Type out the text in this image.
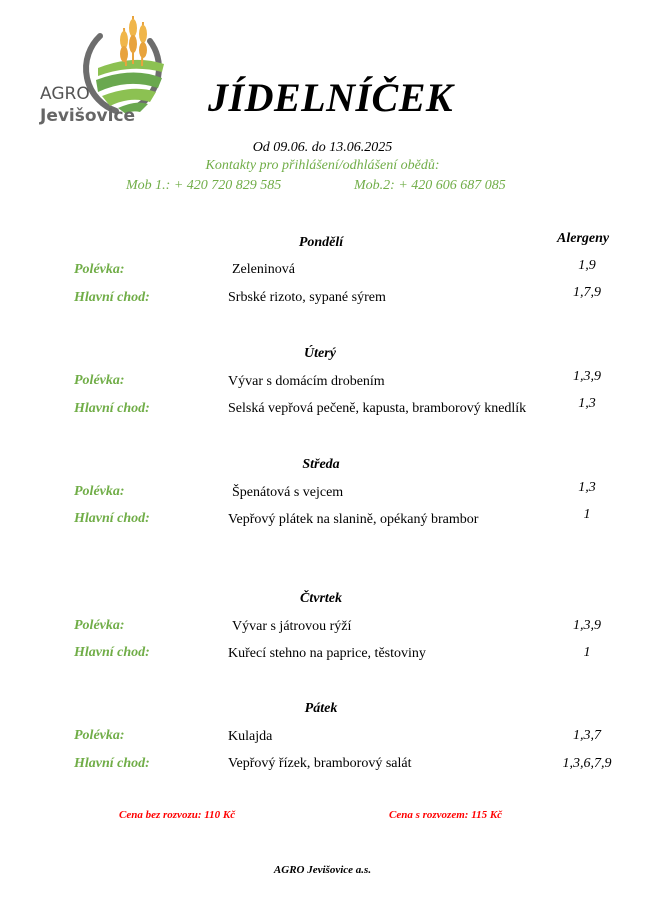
AGRO
Jevišovice JÍDELNÍČEK
Od 09.06. do 13.06.2025
Kontakty pro přihlášení/odhlášení obědů:
Mob 1.: + 420 720 829 585	Mob.2: + 420 606 687 085
Alergeny
Pondělí
Polévka:	Zeleninová	1,9
Hlavní chod:	Srbské rizoto, sypané sýrem	1,7,9
Úterý
Polévka:	Vývar s domácím drobením	1,3,9
Hlavní chod:	Selská vepřová pečeně, kapusta, bramborový knedlík	1,3
Středa
Polévka:	Špenátová s vejcem	1,3
Hlavní chod:	Vepřový plátek na slanině, opékaný brambor	1
Čtvrtek
Polévka:	Vývar s játrovou rýží	1,3,9
Hlavní chod:	Kuřecí stehno na paprice, těstoviny	1
Pátek
Polévka:	Kulajda	1,3,7
Hlavní chod:	Vepřový řízek, bramborový salát	1,3,6,7,9
Cena bez rozvozu: 110 Kč	Cena s rozvozem: 115 Kč
AGRO Jevišovice a.s.
